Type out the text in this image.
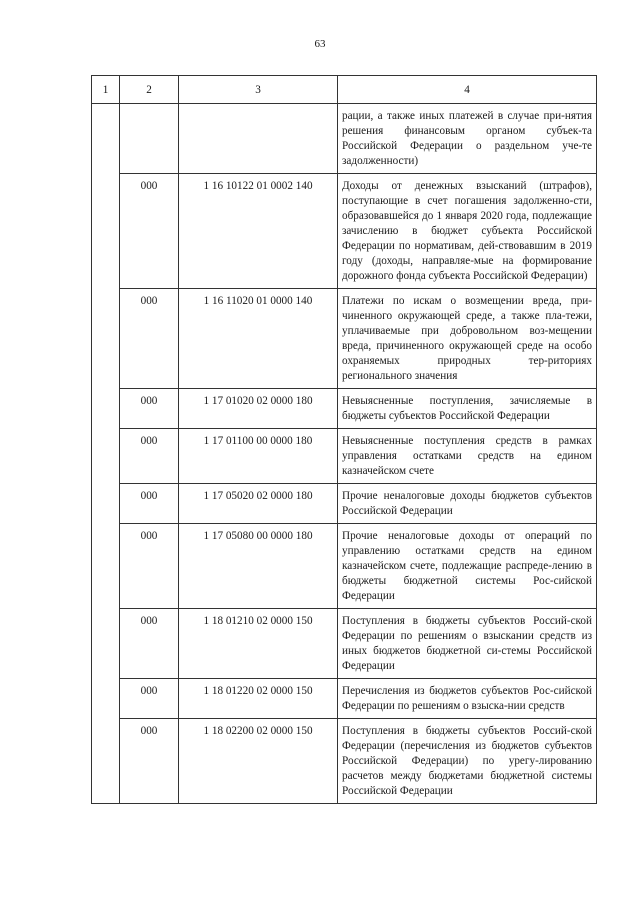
63
1	2	3	4
			рации, а также иных платежей в случае при-нятия решения финансовым органом субъек-та Российской Федерации о раздельном уче-те задолженности)
	000	1 16 10122 01 0002 140	Доходы от денежных взысканий (штрафов), поступающие в счет погашения задолженно-сти, образовавшейся до 1 января 2020 года, подлежащие зачислению в бюджет субъекта Российской Федерации по нормативам, дей-ствовавшим в 2019 году (доходы, направляе-мые на формирование дорожного фонда субъекта Российской Федерации)
	000	1 16 11020 01 0000 140	Платежи по искам о возмещении вреда, при-чиненного окружающей среде, а также пла-тежи, уплачиваемые при добровольном воз-мещении вреда, причиненного окружающей среде на особо охраняемых природных тер-риториях регионального значения
	000	1 17 01020 02 0000 180	Невыясненные поступления, зачисляемые в бюджеты субъектов Российской Федерации
	000	1 17 01100 00 0000 180	Невыясненные поступления средств в рамках управления остатками средств на едином казначейском счете
	000	1 17 05020 02 0000 180	Прочие неналоговые доходы бюджетов субъектов Российской Федерации
	000	1 17 05080 00 0000 180	Прочие неналоговые доходы от операций по управлению остатками средств на едином казначейском счете, подлежащие распреде-лению в бюджеты бюджетной системы Рос-сийской Федерации
	000	1 18 01210 02 0000 150	Поступления в бюджеты субъектов Россий-ской Федерации по решениям о взыскании средств из иных бюджетов бюджетной си-стемы Российской Федерации
	000	1 18 01220 02 0000 150	Перечисления из бюджетов субъектов Рос-сийской Федерации по решениям о взыска-нии средств
	000	1 18 02200 02 0000 150	Поступления в бюджеты субъектов Россий-ской Федерации (перечисления из бюджетов субъектов Российской Федерации) по урегу-лированию расчетов между бюджетами бюджетной системы Российской Федерации
